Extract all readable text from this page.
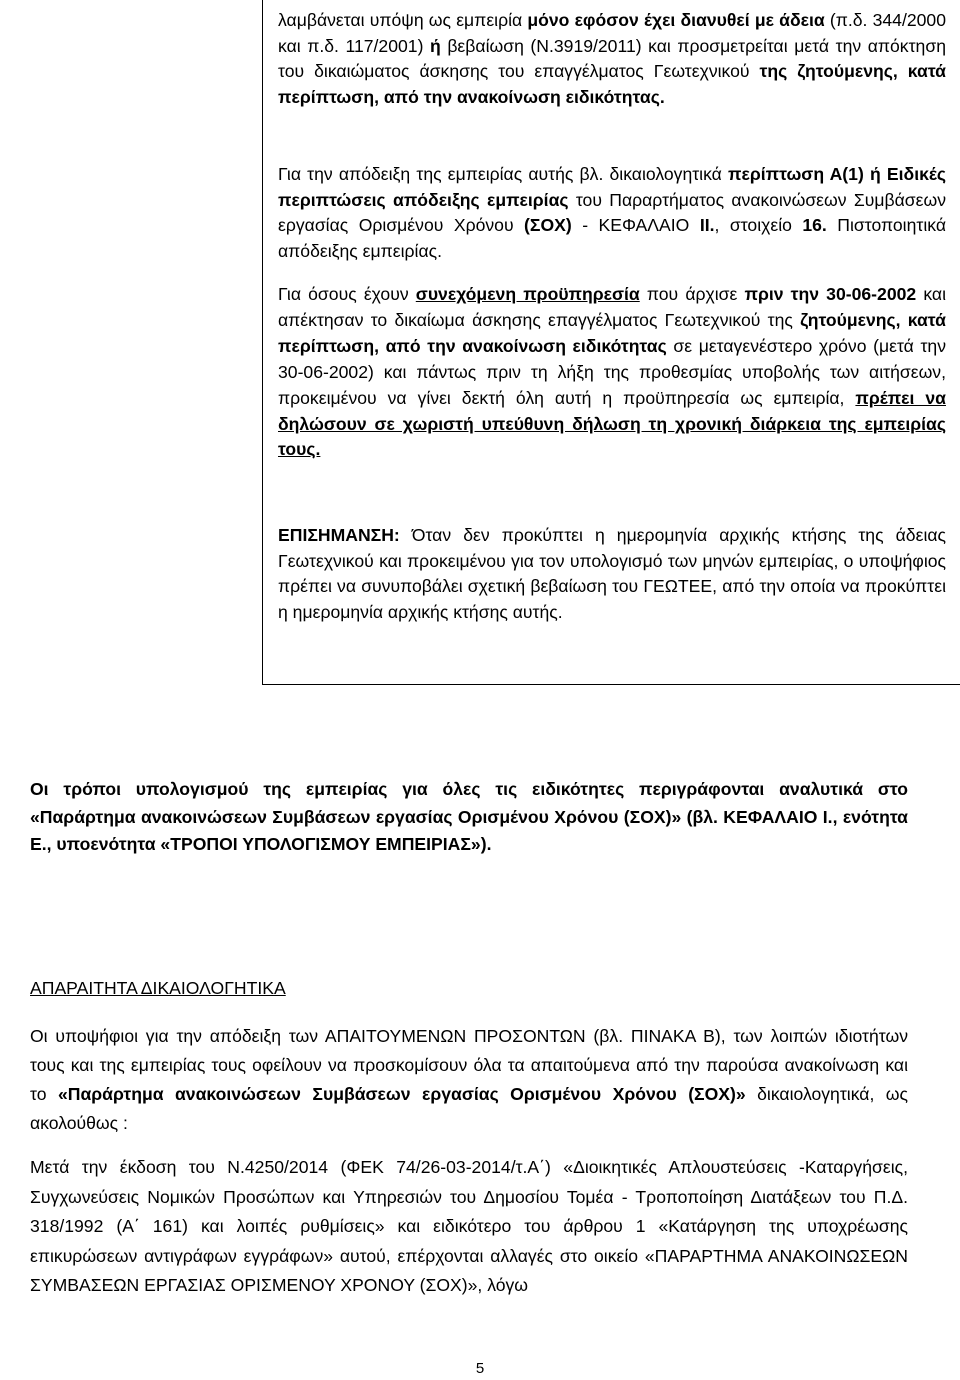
λαμβάνεται υπόψη ως εμπειρία μόνο εφόσον έχει διανυθεί με άδεια (π.δ. 344/2000 και π.δ. 117/2001) ή βεβαίωση (Ν.3919/2011) και προσμετρείται μετά την απόκτηση του δικαιώματος άσκησης του επαγγέλματος Γεωτεχνικού της ζητούμενης, κατά περίπτωση, από την ανακοίνωση ειδικότητας.

Για την απόδειξη της εμπειρίας αυτής βλ. δικαιολογητικά περίπτωση Α(1) ή Ειδικές περιπτώσεις απόδειξης εμπειρίας του Παραρτήματος ανακοινώσεων Συμβάσεων εργασίας Ορισμένου Χρόνου (ΣΟΧ) - ΚΕΦΑΛΑΙΟ ΙΙ., στοιχείο 16. Πιστοποιητικά απόδειξης εμπειρίας.

Για όσους έχουν συνεχόμενη προϋπηρεσία που άρχισε πριν την 30-06-2002 και απέκτησαν το δικαίωμα άσκησης επαγγέλματος Γεωτεχνικού της ζητούμενης, κατά περίπτωση, από την ανακοίνωση ειδικότητας σε μεταγενέστερο χρόνο (μετά την 30-06-2002) και πάντως πριν τη λήξη της προθεσμίας υποβολής των αιτήσεων, προκειμένου να γίνει δεκτή όλη αυτή η προϋπηρεσία ως εμπειρία, πρέπει να δηλώσουν σε χωριστή υπεύθυνη δήλωση τη χρονική διάρκεια της εμπειρίας τους.

ΕΠΙΣΗΜΑΝΣΗ: Όταν δεν προκύπτει η ημερομηνία αρχικής κτήσης της άδειας Γεωτεχνικού και προκειμένου για τον υπολογισμό των μηνών εμπειρίας, ο υποψήφιος πρέπει να συνυποβάλει σχετική βεβαίωση του ΓΕΩΤΕΕ, από την οποία να προκύπτει η ημερομηνία αρχικής κτήσης αυτής.

Οι τρόποι υπολογισμού της εμπειρίας για όλες τις ειδικότητες περιγράφονται αναλυτικά στο «Παράρτημα ανακοινώσεων Συμβάσεων εργασίας Ορισμένου Χρόνου (ΣΟΧ)» (βλ. ΚΕΦΑΛΑΙΟ Ι., ενότητα Ε., υποενότητα «ΤΡΟΠΟΙ ΥΠΟΛΟΓΙΣΜΟΥ ΕΜΠΕΙΡΙΑΣ»).

ΑΠΑΡΑΙΤΗΤΑ ΔΙΚΑΙΟΛΟΓΗΤΙΚΑ

Οι υποψήφιοι για την απόδειξη των ΑΠΑΙΤΟΥΜΕΝΩΝ ΠΡΟΣΟΝΤΩΝ (βλ. ΠΙΝΑΚΑ Β), των λοιπών ιδιοτήτων τους και της εμπειρίας τους οφείλουν να προσκομίσουν όλα τα απαιτούμενα από την παρούσα ανακοίνωση και το «Παράρτημα ανακοινώσεων Συμβάσεων εργασίας Ορισμένου Χρόνου (ΣΟΧ)» δικαιολογητικά, ως ακολούθως :

Μετά την έκδοση του Ν.4250/2014 (ΦΕΚ 74/26-03-2014/τ.Α΄) «Διοικητικές Απλουστεύσεις -Καταργήσεις, Συγχωνεύσεις Νομικών Προσώπων και Υπηρεσιών του Δημοσίου Τομέα - Τροποποίηση Διατάξεων του Π.Δ. 318/1992 (Α΄ 161) και λοιπές ρυθμίσεις» και ειδικότερο του άρθρου 1 «Κατάργηση της υποχρέωσης επικυρώσεων αντιγράφων εγγράφων» αυτού, επέρχονται αλλαγές στο οικείο «ΠΑΡΑΡΤΗΜΑ ΑΝΑΚΟΙΝΩΣΕΩΝ ΣΥΜΒΑΣΕΩΝ ΕΡΓΑΣΙΑΣ ΟΡΙΣΜΕΝΟΥ ΧΡΟΝΟΥ (ΣΟΧ)», λόγω

5
